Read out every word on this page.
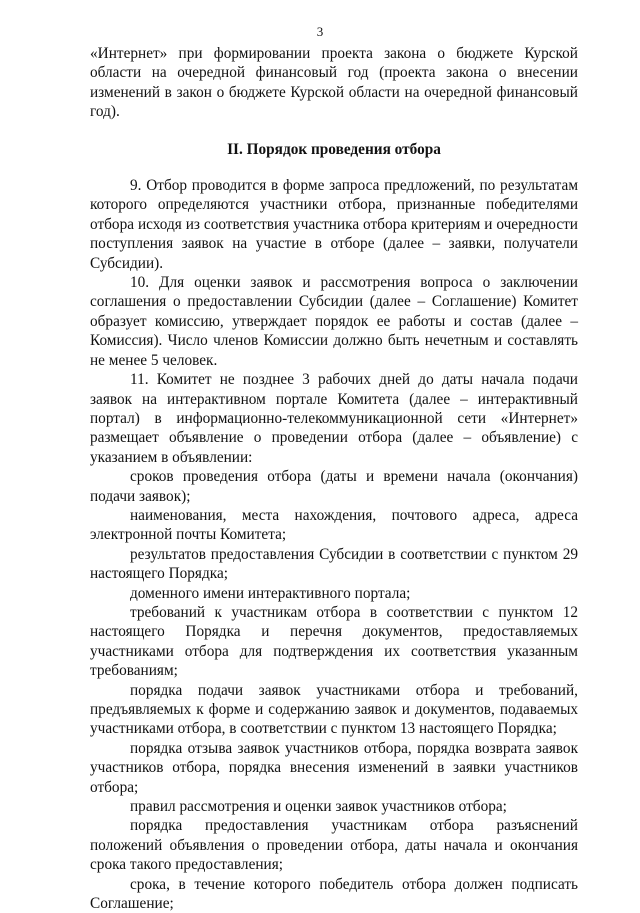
3

«Интернет» при формировании проекта закона о бюджете Курской области на очередной финансовый год (проекта закона о внесении изменений в закон о бюджете Курской области на очередной финансовый год).

II. Порядок проведения отбора

9. Отбор проводится в форме запроса предложений, по результатам которого определяются участники отбора, признанные победителями отбора исходя из соответствия участника отбора критериям и очередности поступления заявок на участие в отборе (далее – заявки, получатели Субсидии).

10. Для оценки заявок и рассмотрения вопроса о заключении соглашения о предоставлении Субсидии (далее – Соглашение) Комитет образует комиссию, утверждает порядок ее работы и состав (далее – Комиссия). Число членов Комиссии должно быть нечетным и составлять не менее 5 человек.

11. Комитет не позднее 3 рабочих дней до даты начала подачи заявок на интерактивном портале Комитета (далее – интерактивный портал) в информационно-телекоммуникационной сети «Интернет» размещает объявление о проведении отбора (далее – объявление) с указанием в объявлении:

сроков проведения отбора (даты и времени начала (окончания) подачи заявок);

наименования, места нахождения, почтового адреса, адреса электронной почты Комитета;

результатов предоставления Субсидии в соответствии с пунктом 29 настоящего Порядка;

доменного имени интерактивного портала;

требований к участникам отбора в соответствии с пунктом 12 настоящего Порядка и перечня документов, предоставляемых участниками отбора для подтверждения их соответствия указанным требованиям;

порядка подачи заявок участниками отбора и требований, предъявляемых к форме и содержанию заявок и документов, подаваемых участниками отбора, в соответствии с пунктом 13 настоящего Порядка;

порядка отзыва заявок участников отбора, порядка возврата заявок участников отбора, порядка внесения изменений в заявки участников отбора;

правил рассмотрения и оценки заявок участников отбора;

порядка предоставления участникам отбора разъяснений положений объявления о проведении отбора, даты начала и окончания срока такого предоставления;

срока, в течение которого победитель отбора должен подписать Соглашение;
